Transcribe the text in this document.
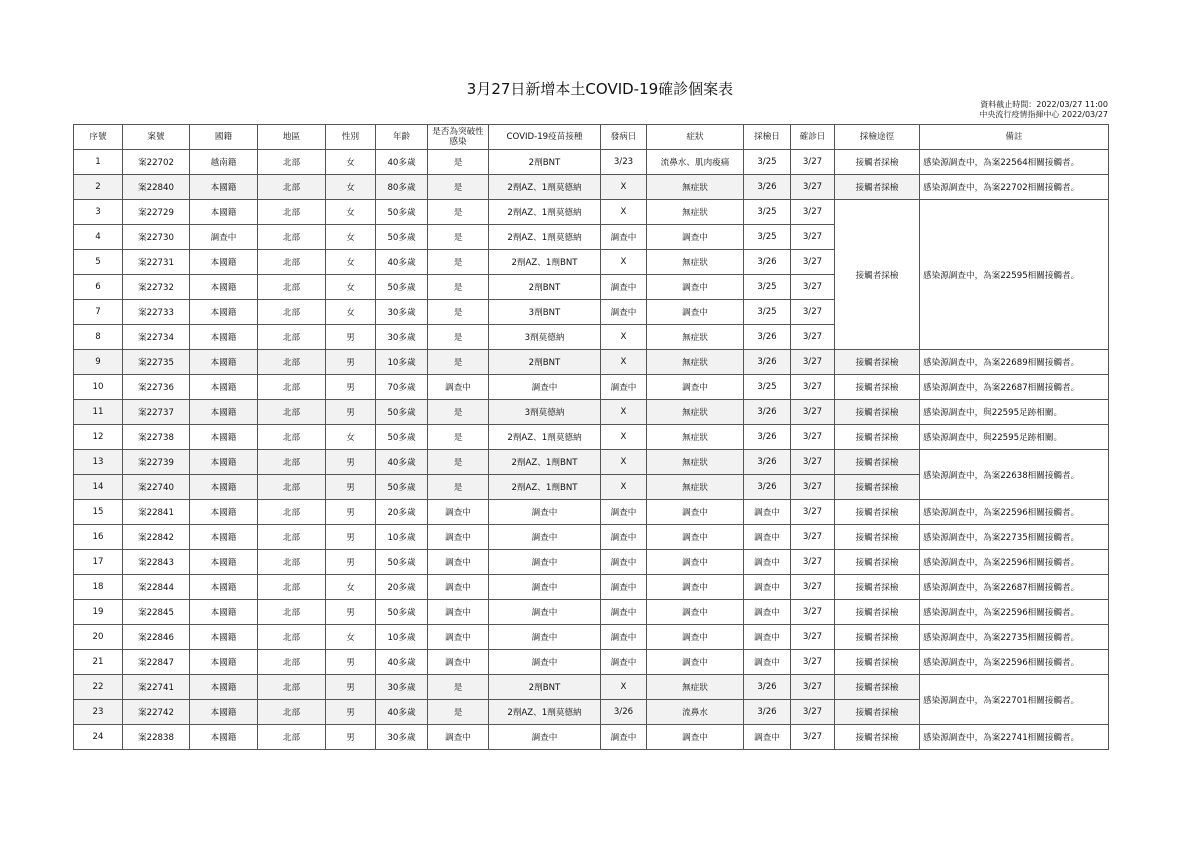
3月27日新增本土COVID-19確診個案表
資料截止時間：2022/03/27 11:00
中央流行疫情指揮中心 2022/03/27
序號	案號	國籍	地區	性別	年齡	是否為突破性感染	COVID-19疫苗接種	發病日	症狀	採檢日	確診日	採檢途徑	備註
1	案22702	越南籍	北部	女	40多歲	是	2劑BNT	3/23	流鼻水、肌肉痠痛	3/25	3/27	接觸者採檢	感染源調查中，為案22564相關接觸者。
2	案22840	本國籍	北部	女	80多歲	是	2劑AZ、1劑莫德納	X	無症狀	3/26	3/27	接觸者採檢	感染源調查中，為案22702相關接觸者。
3	案22729	本國籍	北部	女	50多歲	是	2劑AZ、1劑莫德納	X	無症狀	3/25	3/27	接觸者採檢	感染源調查中，為案22595相關接觸者。
4	案22730	調查中	北部	女	50多歲	是	2劑AZ、1劑莫德納	調查中	調查中	3/25	3/27		
5	案22731	本國籍	北部	女	40多歲	是	2劑AZ、1劑BNT	X	無症狀	3/26	3/27		
6	案22732	本國籍	北部	女	50多歲	是	2劑BNT	調查中	調查中	3/25	3/27		
7	案22733	本國籍	北部	女	30多歲	是	3劑BNT	調查中	調查中	3/25	3/27		
8	案22734	本國籍	北部	男	30多歲	是	3劑莫德納	X	無症狀	3/26	3/27		
9	案22735	本國籍	北部	男	10多歲	是	2劑BNT	X	無症狀	3/26	3/27	接觸者採檢	感染源調查中，為案22689相關接觸者。
10	案22736	本國籍	北部	男	70多歲	調查中	調查中	調查中	調查中	3/25	3/27	接觸者採檢	感染源調查中，為案22687相關接觸者。
11	案22737	本國籍	北部	男	50多歲	是	3劑莫德納	X	無症狀	3/26	3/27	接觸者採檢	感染源調查中，與22595足跡相關。
12	案22738	本國籍	北部	女	50多歲	是	2劑AZ、1劑莫德納	X	無症狀	3/26	3/27	接觸者採檢	感染源調查中，與22595足跡相關。
13	案22739	本國籍	北部	男	40多歲	是	2劑AZ、1劑BNT	X	無症狀	3/26	3/27	接觸者採檢	感染源調查中，為案22638相關接觸者。
14	案22740	本國籍	北部	男	50多歲	是	2劑AZ、1劑BNT	X	無症狀	3/26	3/27	接觸者採檢	
15	案22841	本國籍	北部	男	20多歲	調查中	調查中	調查中	調查中	調查中	3/27	接觸者採檢	感染源調查中，為案22596相關接觸者。
16	案22842	本國籍	北部	男	10多歲	調查中	調查中	調查中	調查中	調查中	3/27	接觸者採檢	感染源調查中，為案22735相關接觸者。
17	案22843	本國籍	北部	男	50多歲	調查中	調查中	調查中	調查中	調查中	3/27	接觸者採檢	感染源調查中，為案22596相關接觸者。
18	案22844	本國籍	北部	女	20多歲	調查中	調查中	調查中	調查中	調查中	3/27	接觸者採檢	感染源調查中，為案22687相關接觸者。
19	案22845	本國籍	北部	男	50多歲	調查中	調查中	調查中	調查中	調查中	3/27	接觸者採檢	感染源調查中，為案22596相關接觸者。
20	案22846	本國籍	北部	女	10多歲	調查中	調查中	調查中	調查中	調查中	3/27	接觸者採檢	感染源調查中，為案22735相關接觸者。
21	案22847	本國籍	北部	男	40多歲	調查中	調查中	調查中	調查中	調查中	3/27	接觸者採檢	感染源調查中，為案22596相關接觸者。
22	案22741	本國籍	北部	男	30多歲	是	2劑BNT	X	無症狀	3/26	3/27	接觸者採檢	感染源調查中，為案22701相關接觸者。
23	案22742	本國籍	北部	男	40多歲	是	2劑AZ、1劑莫德納	3/26	流鼻水	3/26	3/27	接觸者採檢	
24	案22838	本國籍	北部	男	30多歲	調查中	調查中	調查中	調查中	調查中	3/27	接觸者採檢	感染源調查中，為案22741相關接觸者。
